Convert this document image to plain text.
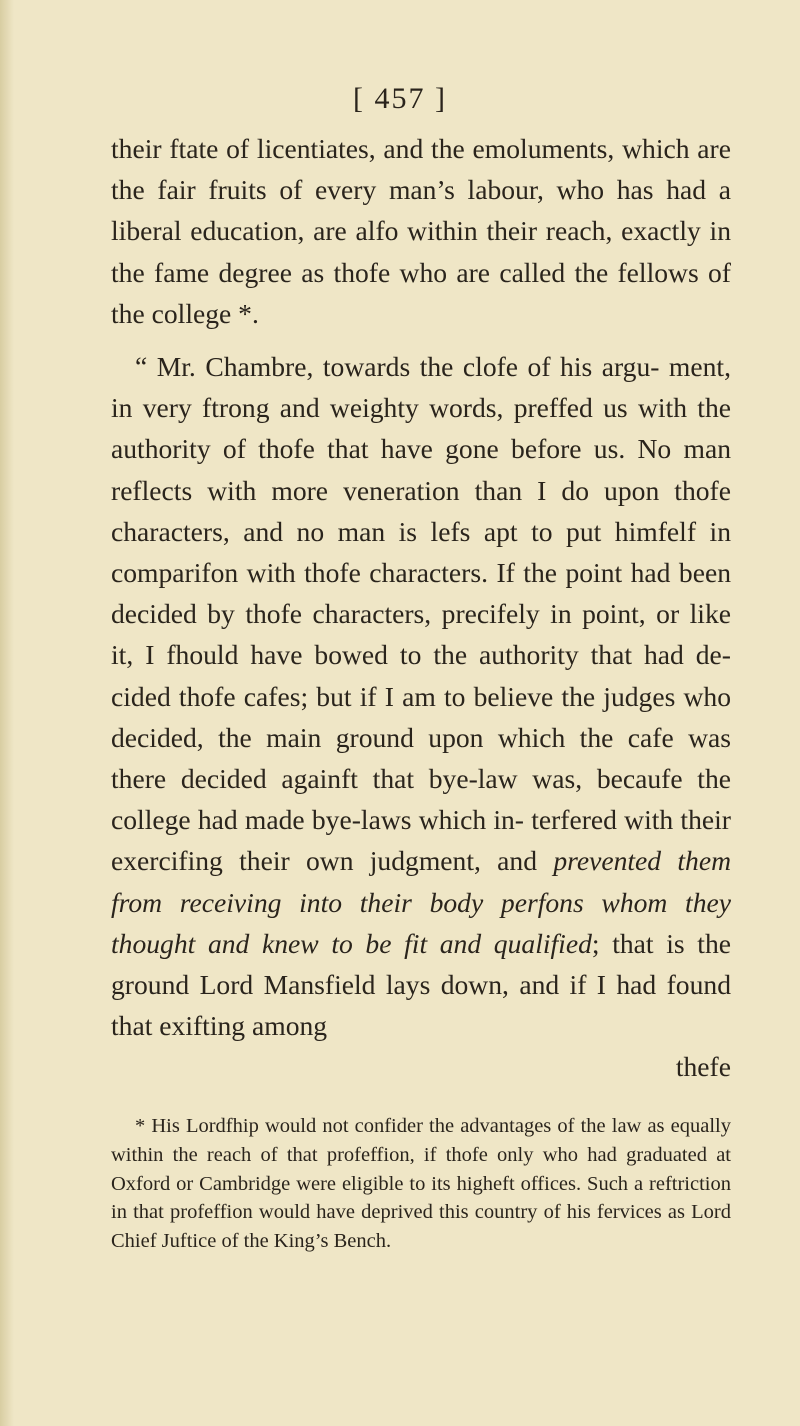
[ 457 ]

their ftate of licentiates, and the emoluments, which are the fair fruits of every man’s labour, who has had a liberal education, are alfo within their reach, exactly in the fame degree as thofe who are called the fellows of the college *.

“ Mr. Chambre, towards the clofe of his argu- ment, in very ftrong and weighty words, preffed us with the authority of thofe that have gone before us. No man reflects with more veneration than I do upon thofe characters, and no man is lefs apt to put himfelf in comparifon with thofe characters. If the point had been decided by thofe characters, precifely in point, or like it, I fhould have bowed to the authority that had de- cided thofe cafes; but if I am to believe the judges who decided, the main ground upon which the cafe was there decided againft that bye-law was, becaufe the college had made bye-laws which in- terfered with their exercifing their own judgment, and prevented them from receiving into their body perfons whom they thought and knew to be fit and qualified; that is the ground Lord Mansfield lays down, and if I had found that exifting among
thefe

* His Lordfhip would not confider the advantages of the law as equally within the reach of that profeffion, if thofe only who had graduated at Oxford or Cambridge were eligible to its higheft offices. Such a reftriction in that profeffion would have deprived this country of his fervices as Lord Chief Juftice of the King’s Bench.
